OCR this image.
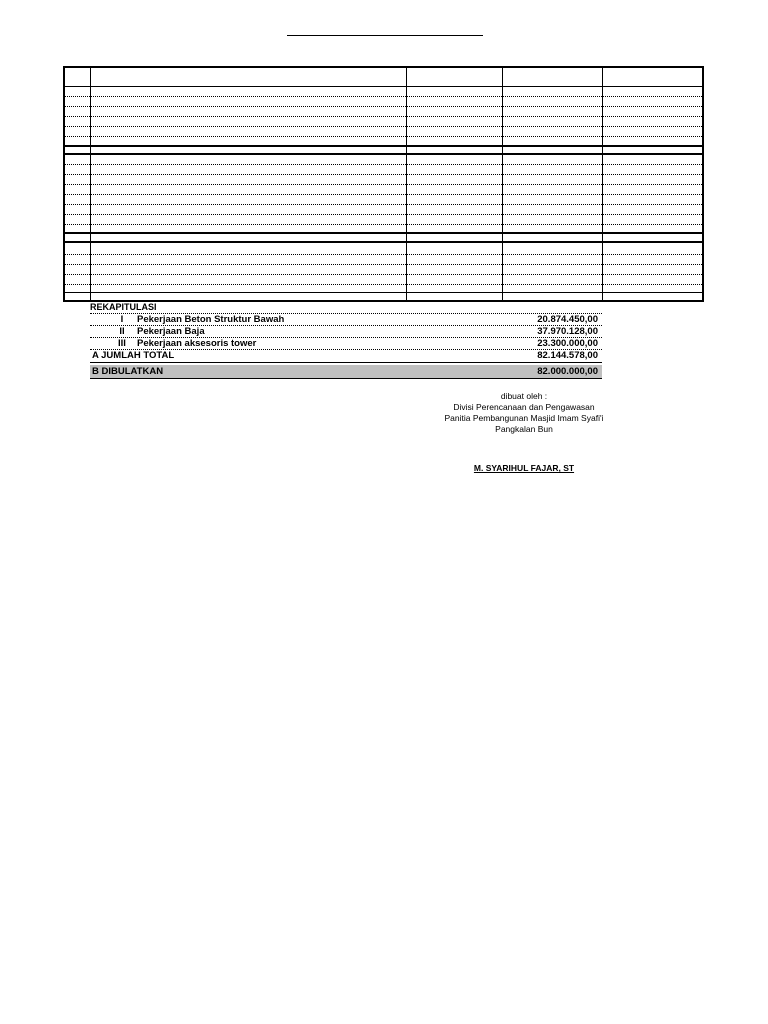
REKAPITULASI
I	Pekerjaan Beton Struktur Bawah	20.874.450,00
II	Pekerjaan Baja	37.970.128,00
III	Pekerjaan aksesoris tower	23.300.000,00
A JUMLAH TOTAL	82.144.578,00
B DIBULATKAN	82.000.000,00
dibuat oleh :
Divisi Perencanaan dan Pengawasan
Panitia Pembangunan Masjid Imam Syafi'i
Pangkalan Bun
M. SYARIHUL FAJAR, ST
